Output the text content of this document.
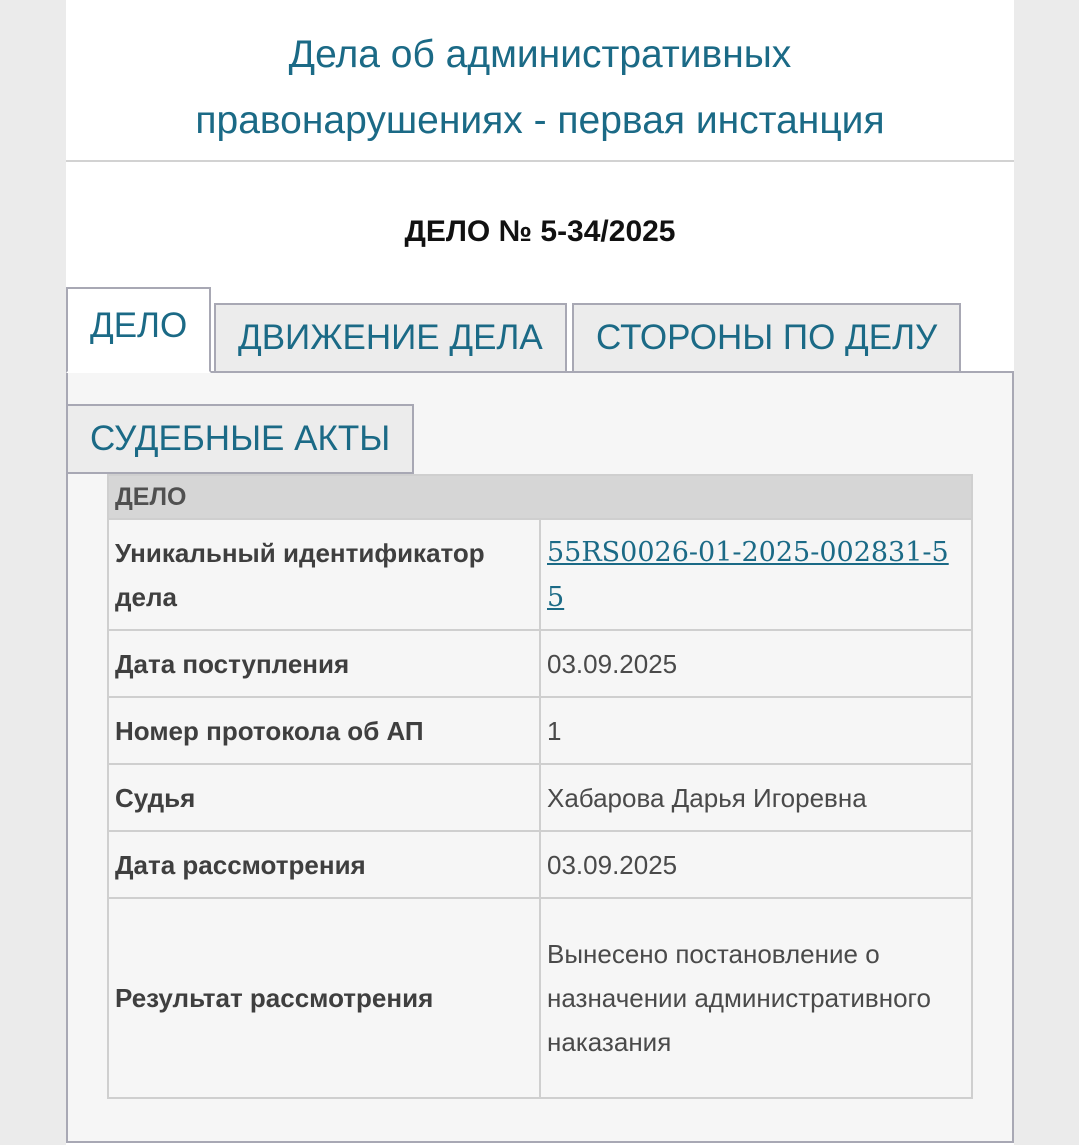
Дела об административных
правонарушениях - первая инстанция
ДЕЛО № 5-34/2025
ДЕЛО	ДВИЖЕНИЕ ДЕЛА	СТОРОНЫ ПО ДЕЛУ
СУДЕБНЫЕ АКТЫ
ДЕЛО	
Уникальный идентификатор дела	55RS0026-01-2025-002831-55
Дата поступления	03.09.2025
Номер протокола об АП	1
Судья	Хабарова Дарья Игоревна
Дата рассмотрения	03.09.2025
Результат рассмотрения	Вынесено постановление о назначении административного наказания
